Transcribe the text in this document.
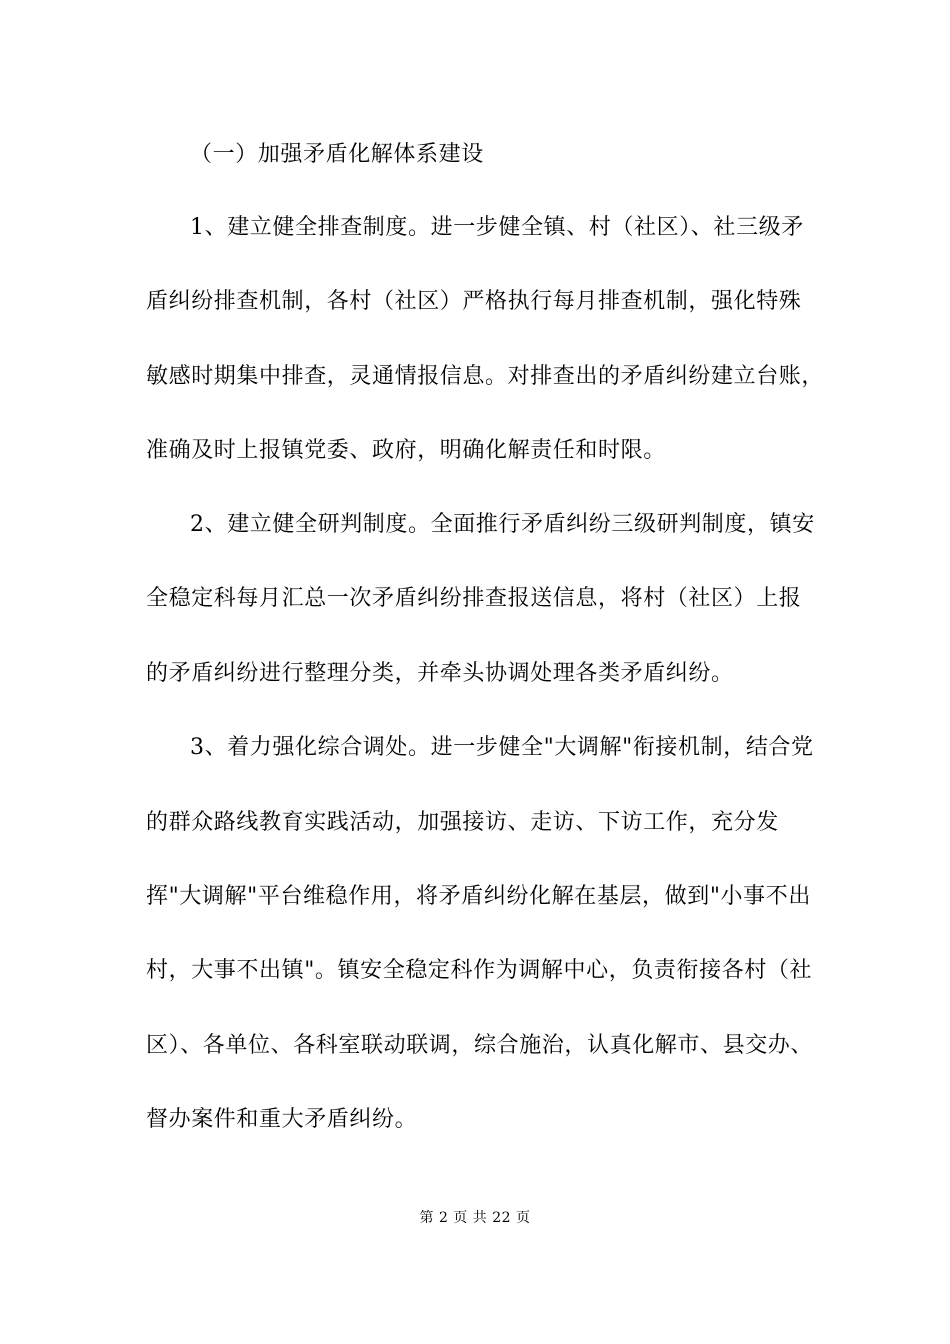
（一）加强矛盾化解体系建设
1、建立健全排查制度。进一步健全镇、村（社区）、社三级矛
盾纠纷排查机制，各村（社区）严格执行每月排查机制，强化特殊
敏感时期集中排查，灵通情报信息。对排查出的矛盾纠纷建立台账，
准确及时上报镇党委、政府，明确化解责任和时限。
2、建立健全研判制度。全面推行矛盾纠纷三级研判制度，镇安
全稳定科每月汇总一次矛盾纠纷排查报送信息，将村（社区）上报
的矛盾纠纷进行整理分类，并牵头协调处理各类矛盾纠纷。
3、着力强化综合调处。进一步健全"大调解"衔接机制，结合党
的群众路线教育实践活动，加强接访、走访、下访工作，充分发
挥"大调解"平台维稳作用，将矛盾纠纷化解在基层，做到"小事不出
村，大事不出镇"。镇安全稳定科作为调解中心，负责衔接各村（社
区）、各单位、各科室联动联调，综合施治，认真化解市、县交办、
督办案件和重大矛盾纠纷。
第 2 页 共 22 页
